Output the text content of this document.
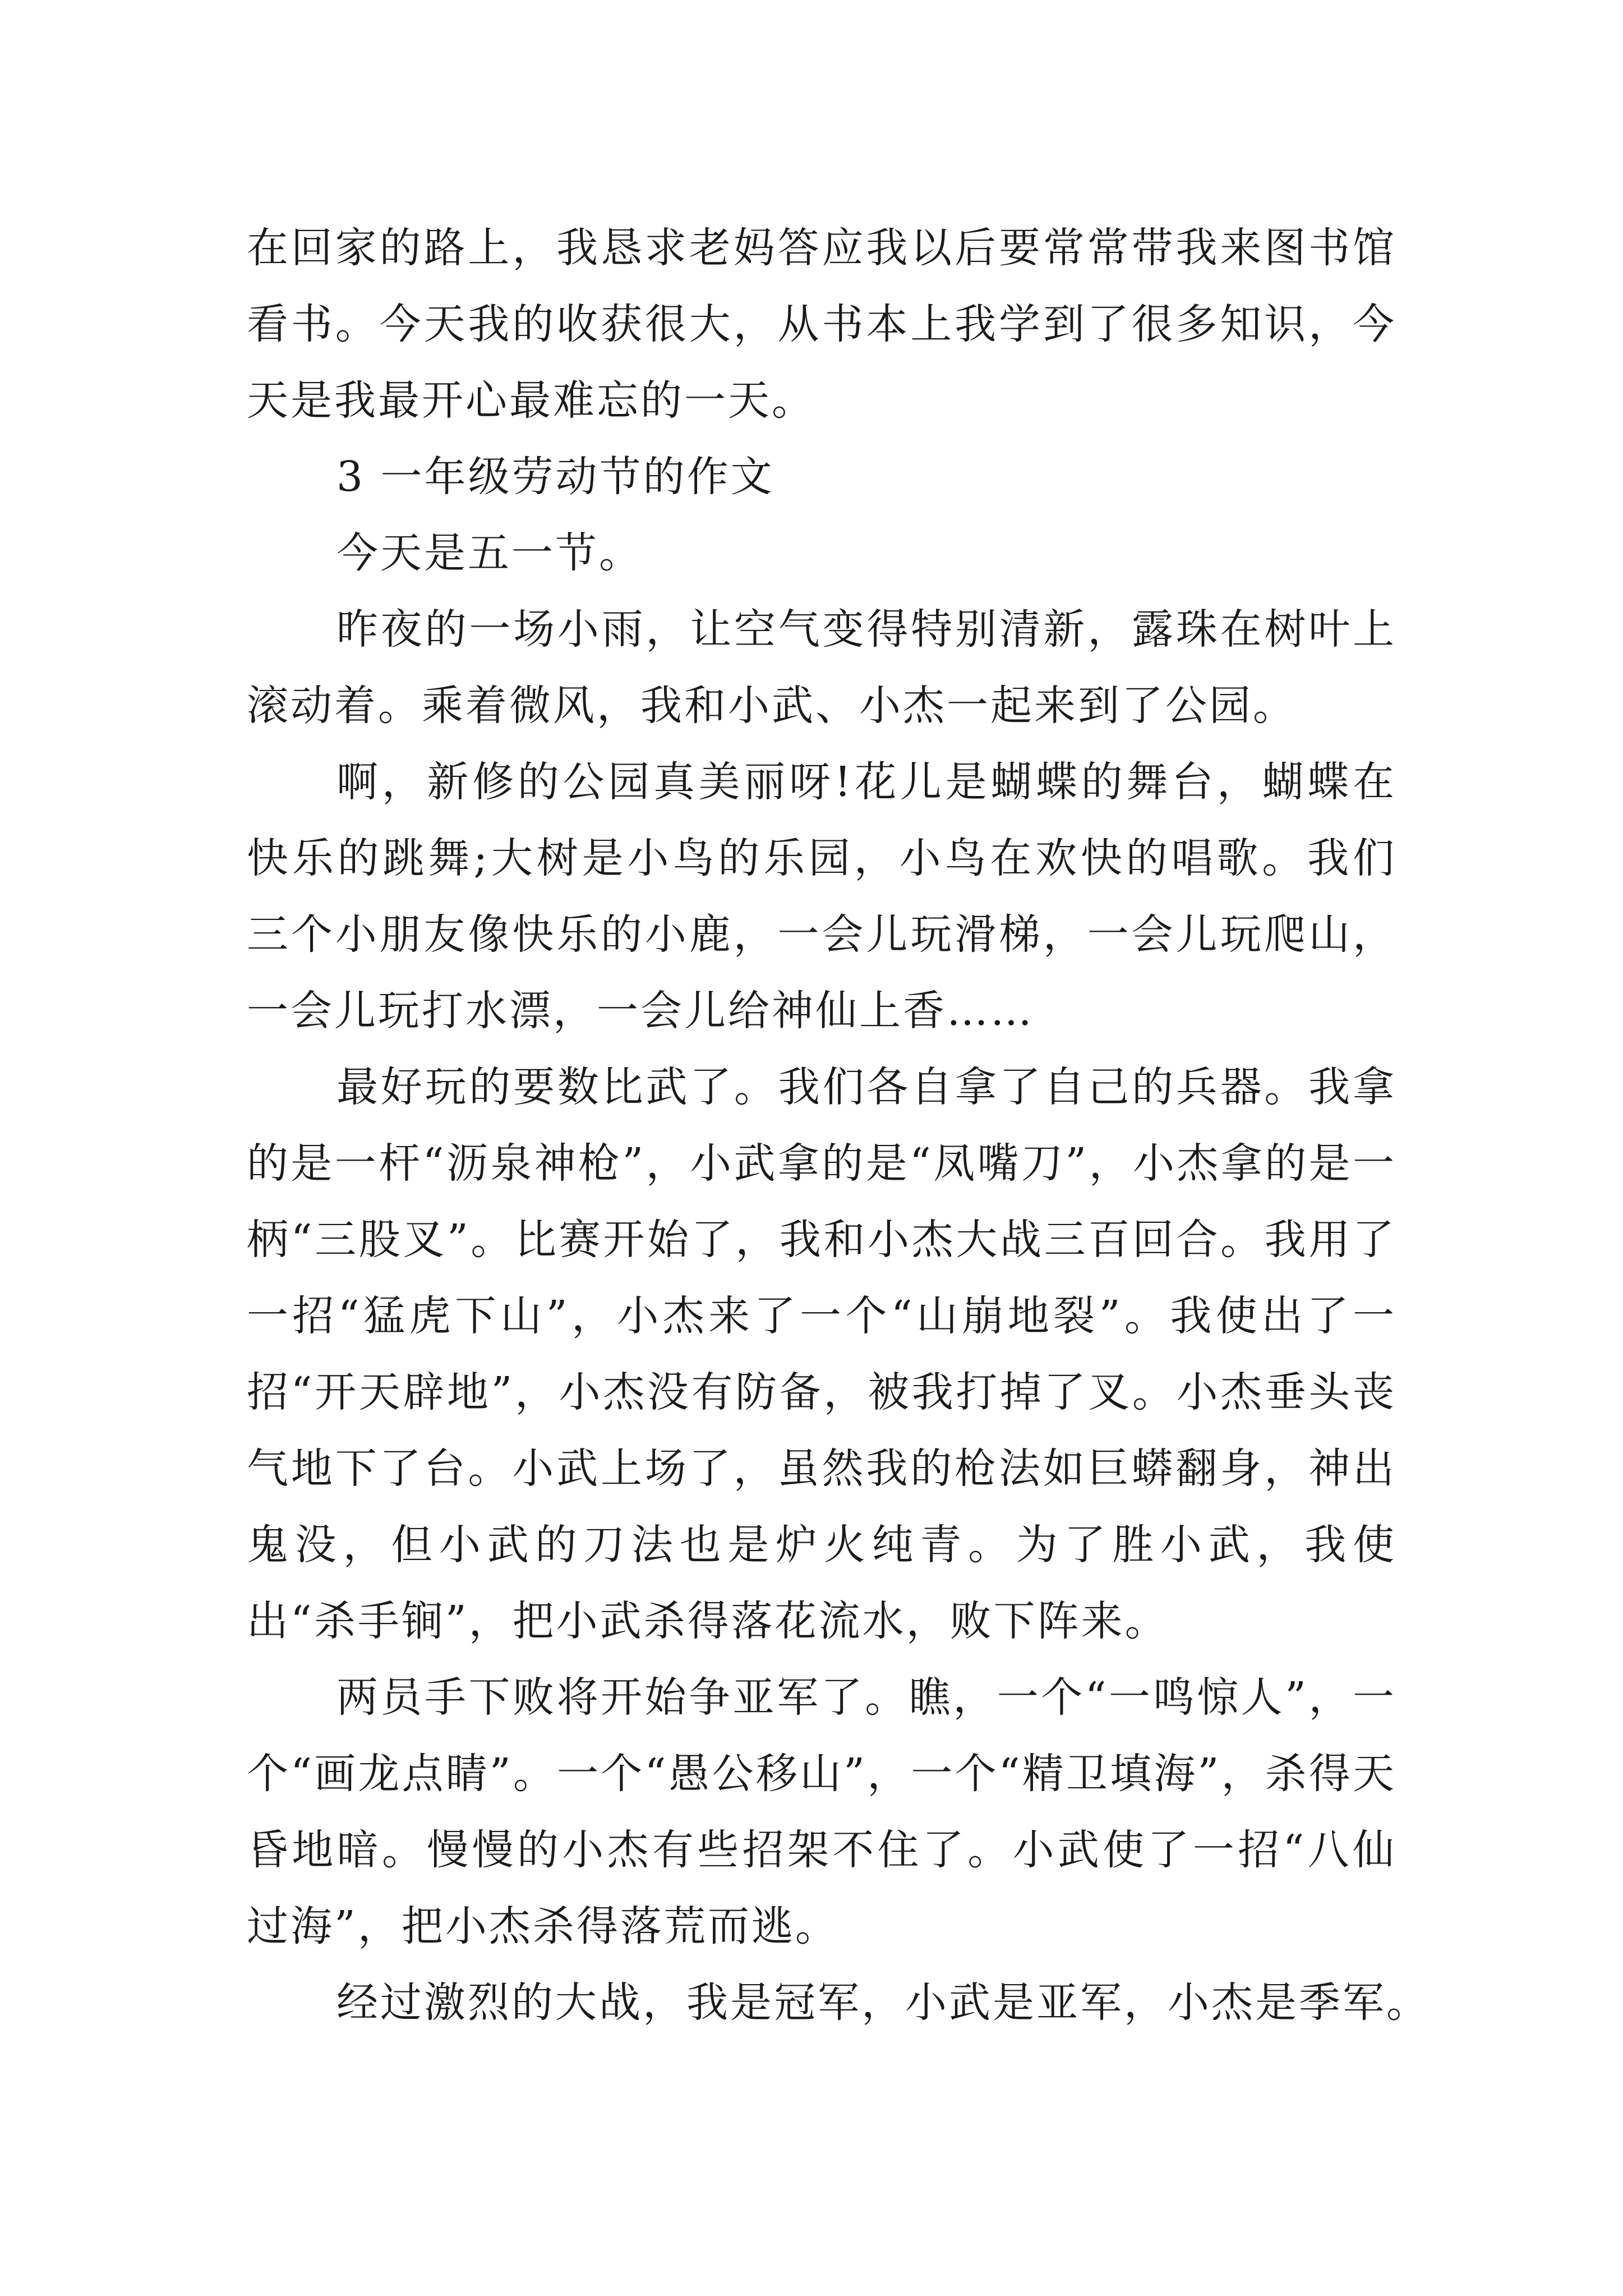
在回家的路上，我恳求老妈答应我以后要常常带我来图书馆看书。今天我的收获很大，从书本上我学到了很多知识，今天是我最开心最难忘的一天。

3 一年级劳动节的作文

今天是五一节。

昨夜的一场小雨，让空气变得特别清新，露珠在树叶上滚动着。乘着微风，我和小武、小杰一起来到了公园。

啊，新修的公园真美丽呀!花儿是蝴蝶的舞台，蝴蝶在快乐的跳舞;大树是小鸟的乐园，小鸟在欢快的唱歌。我们三个小朋友像快乐的小鹿，一会儿玩滑梯，一会儿玩爬山，一会儿玩打水漂，一会儿给神仙上香……

最好玩的要数比武了。我们各自拿了自己的兵器。我拿的是一杆“沥泉神枪”，小武拿的是“凤嘴刀”，小杰拿的是一柄“三股叉”。比赛开始了，我和小杰大战三百回合。我用了一招“猛虎下山”，小杰来了一个“山崩地裂”。我使出了一招“开天辟地”，小杰没有防备，被我打掉了叉。小杰垂头丧气地下了台。小武上场了，虽然我的枪法如巨蟒翻身，神出鬼没，但小武的刀法也是炉火纯青。为了胜小武，我使出“杀手锏”，把小武杀得落花流水，败下阵来。

两员手下败将开始争亚军了。瞧，一个“一鸣惊人”，一个“画龙点睛”。一个“愚公移山”，一个“精卫填海”，杀得天昏地暗。慢慢的小杰有些招架不住了。小武使了一招“八仙过海”，把小杰杀得落荒而逃。

经过激烈的大战，我是冠军，小武是亚军，小杰是季军。
